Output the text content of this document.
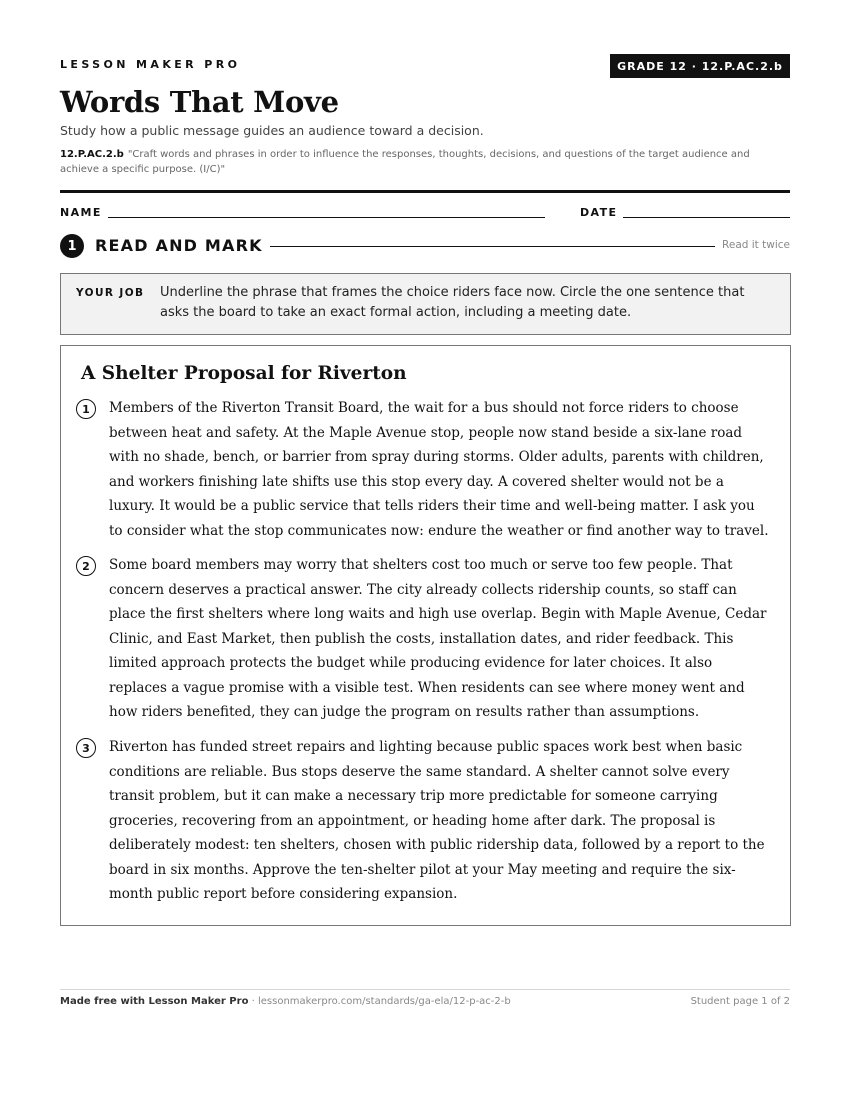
LESSON MAKER PRO	GRADE 12 · 12.P.AC.2.b
Words That Move
Study how a public message guides an audience toward a decision.
12.P.AC.2.b "Craft words and phrases in order to influence the responses, thoughts, decisions, and questions of the target audience and achieve a specific purpose. (I/C)"
NAME	DATE
1	READ AND MARK	Read it twice
YOUR JOB Underline the phrase that frames the choice riders face now. Circle the one sentence that asks the board to take an exact formal action, including a meeting date.
A Shelter Proposal for Riverton
1	Members of the Riverton Transit Board, the wait for a bus should not force riders to choose between heat and safety. At the Maple Avenue stop, people now stand beside a six-lane road with no shade, bench, or barrier from spray during storms. Older adults, parents with children, and workers finishing late shifts use this stop every day. A covered shelter would not be a luxury. It would be a public service that tells riders their time and well-being matter. I ask you to consider what the stop communicates now: endure the weather or find another way to travel.
2	Some board members may worry that shelters cost too much or serve too few people. That concern deserves a practical answer. The city already collects ridership counts, so staff can place the first shelters where long waits and high use overlap. Begin with Maple Avenue, Cedar Clinic, and East Market, then publish the costs, installation dates, and rider feedback. This limited approach protects the budget while producing evidence for later choices. It also replaces a vague promise with a visible test. When residents can see where money went and how riders benefited, they can judge the program on results rather than assumptions.
3	Riverton has funded street repairs and lighting because public spaces work best when basic conditions are reliable. Bus stops deserve the same standard. A shelter cannot solve every transit problem, but it can make a necessary trip more predictable for someone carrying groceries, recovering from an appointment, or heading home after dark. The proposal is deliberately modest: ten shelters, chosen with public ridership data, followed by a report to the board in six months. Approve the ten-shelter pilot at your May meeting and require the six-month public report before considering expansion.
Made free with Lesson Maker Pro · lessonmakerpro.com/standards/ga-ela/12-p-ac-2-b	Student page 1 of 2
